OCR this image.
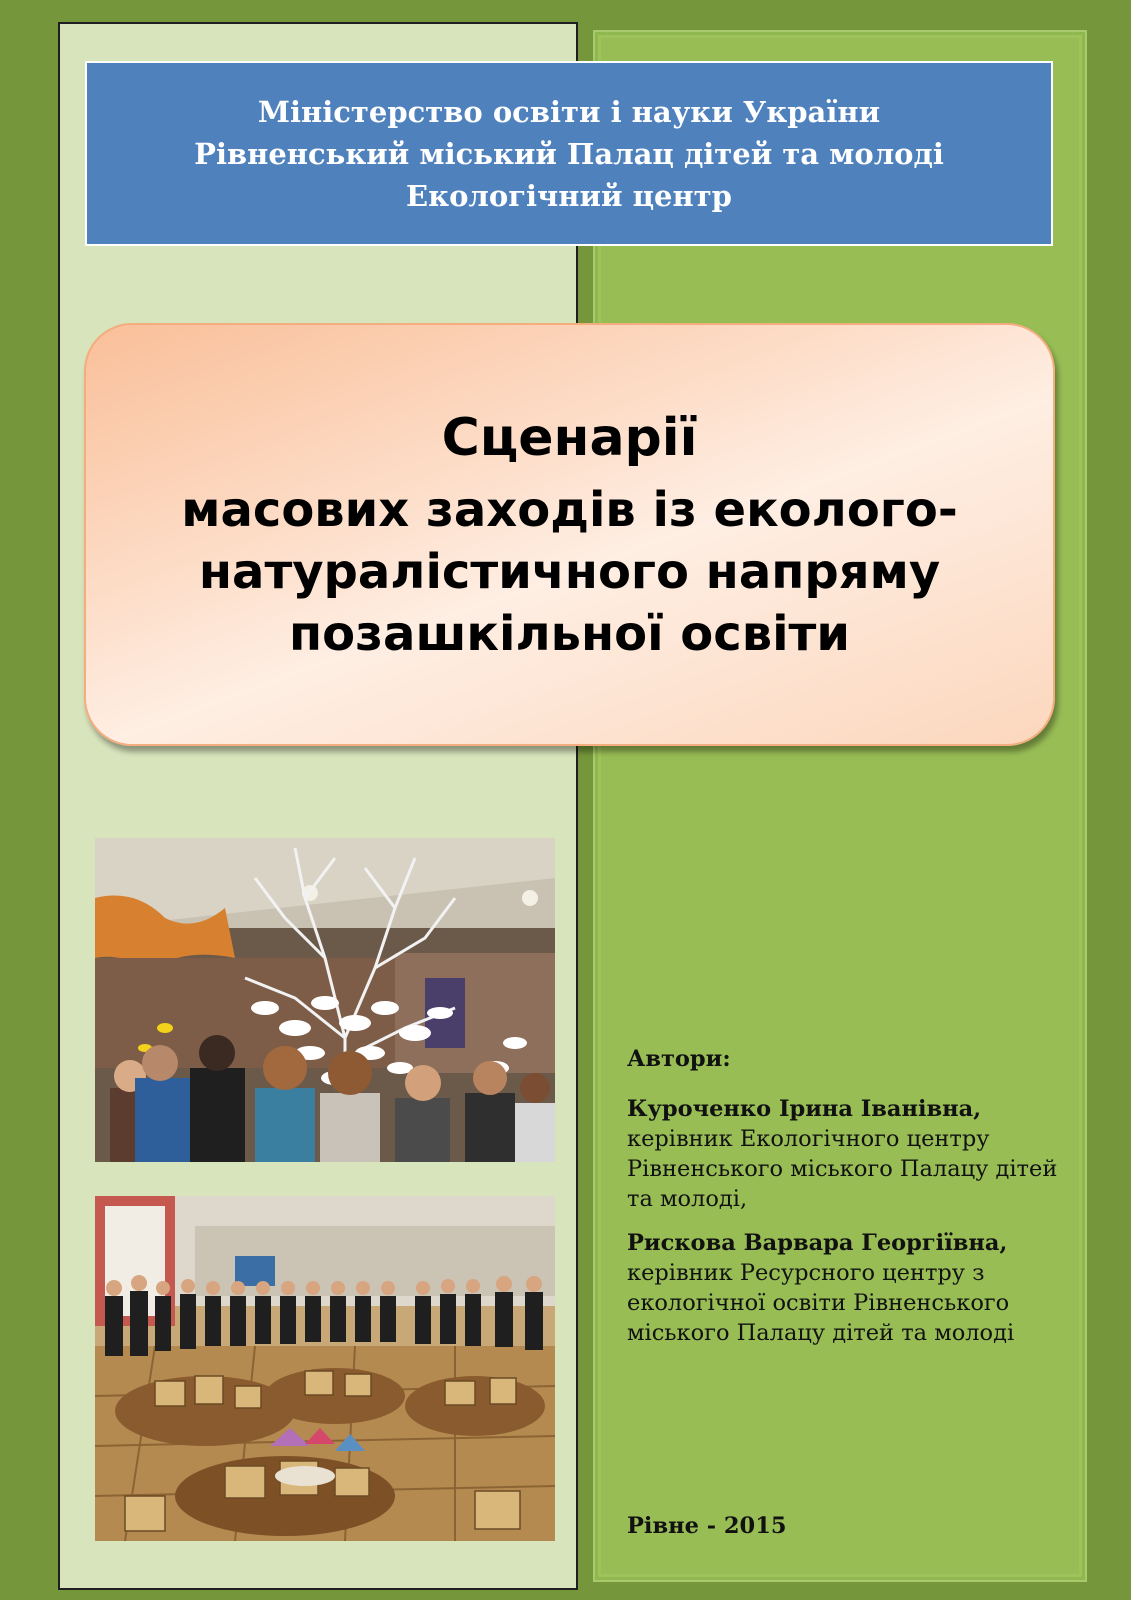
Міністерство освіти і науки України
Рівненський міський Палац дітей та молоді
Екологічний центр
Сценарії
масових заходів із еколого-
натуралістичного напряму
позашкільної освіти
Автори:
Куроченко Ірина Іванівна,
керівник Екологічного центру Рівненського міського Палацу дітей та молоді,
Рискова Варвара Георгіївна,
керівник Ресурсного центру з екологічної освіти Рівненського міського Палацу дітей та молоді
Рівне - 2015
